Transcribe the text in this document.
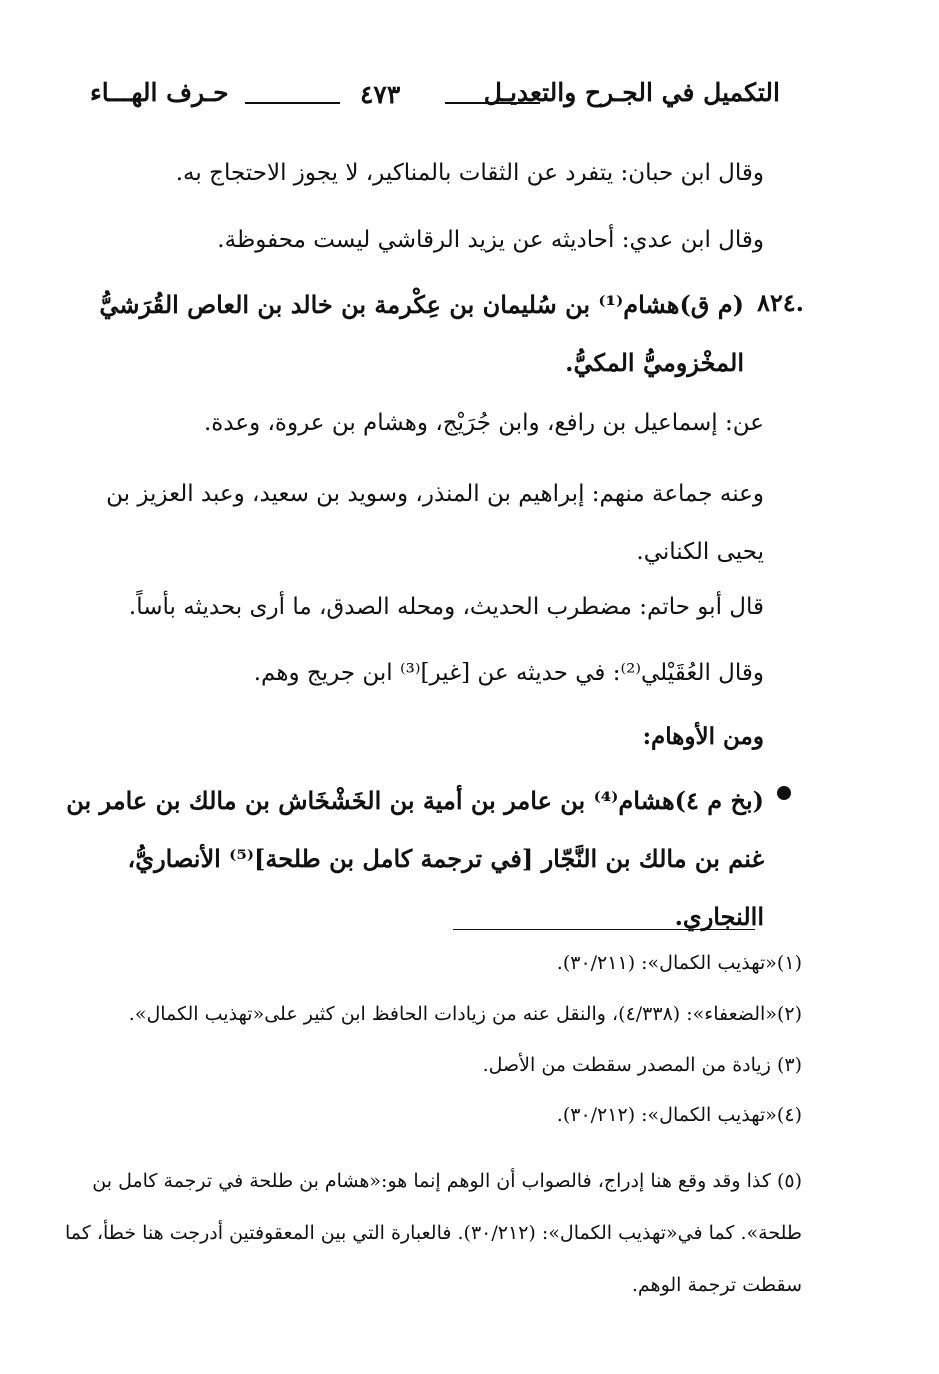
التكميل في الجـرح والتعديـل
٤٧٣
حـرف الهـــاء
وقال ابن حبان: يتفرد عن الثقات بالمناكير، لا يجوز الاحتجاج به.
وقال ابن عدي: أحاديثه عن يزيد الرقاشي ليست محفوظة.
٨٢٤.
(م ق)هشام⁽¹⁾ بن سُليمان بن عِكْرمة بن خالد بن العاص القُرَشيُّ المخْزوميُّ المكيُّ.
عن: إسماعيل بن رافع، وابن جُرَيْج، وهشام بن عروة، وعدة.
وعنه جماعة منهم: إبراهيم بن المنذر، وسويد بن سعيد، وعبد العزيز بن يحيى الكناني.
قال أبو حاتم: مضطرب الحديث، ومحله الصدق، ما أرى بحديثه بأساً.
وقال العُقَيْلي⁽²⁾: في حديثه عن [غير]⁽³⁾ ابن جريج وهم.
ومن الأوهام:
(بخ م ٤)هشام⁽⁴⁾ بن عامر بن أمية بن الخَشْخَاش بن مالك بن عامر بن غنم بن مالك بن النَّجّار [في ترجمة كامل بن طلحة]⁽⁵⁾ الأنصاريُّ، االنجاري.
(١)«تهذيب الكمال»: (٣٠/٢١١).
(٢)«الضعفاء»: (٤/٣٣٨)، والنقل عنه من زيادات الحافظ ابن كثير على«تهذيب الكمال».
(٣) زيادة من المصدر سقطت من الأصل.
(٤)«تهذيب الكمال»: (٣٠/٢١٢).
(٥) كذا وقد وقع هنا إدراج، فالصواب أن الوهم إنما هو:«هشام بن طلحة في ترجمة كامل بن طلحة». كما في«تهذيب الكمال»: (٣٠/٢١٢). فالعبارة التي بين المعقوفتين أدرجت هنا خطأ، كما سقطت ترجمة الوهم.
